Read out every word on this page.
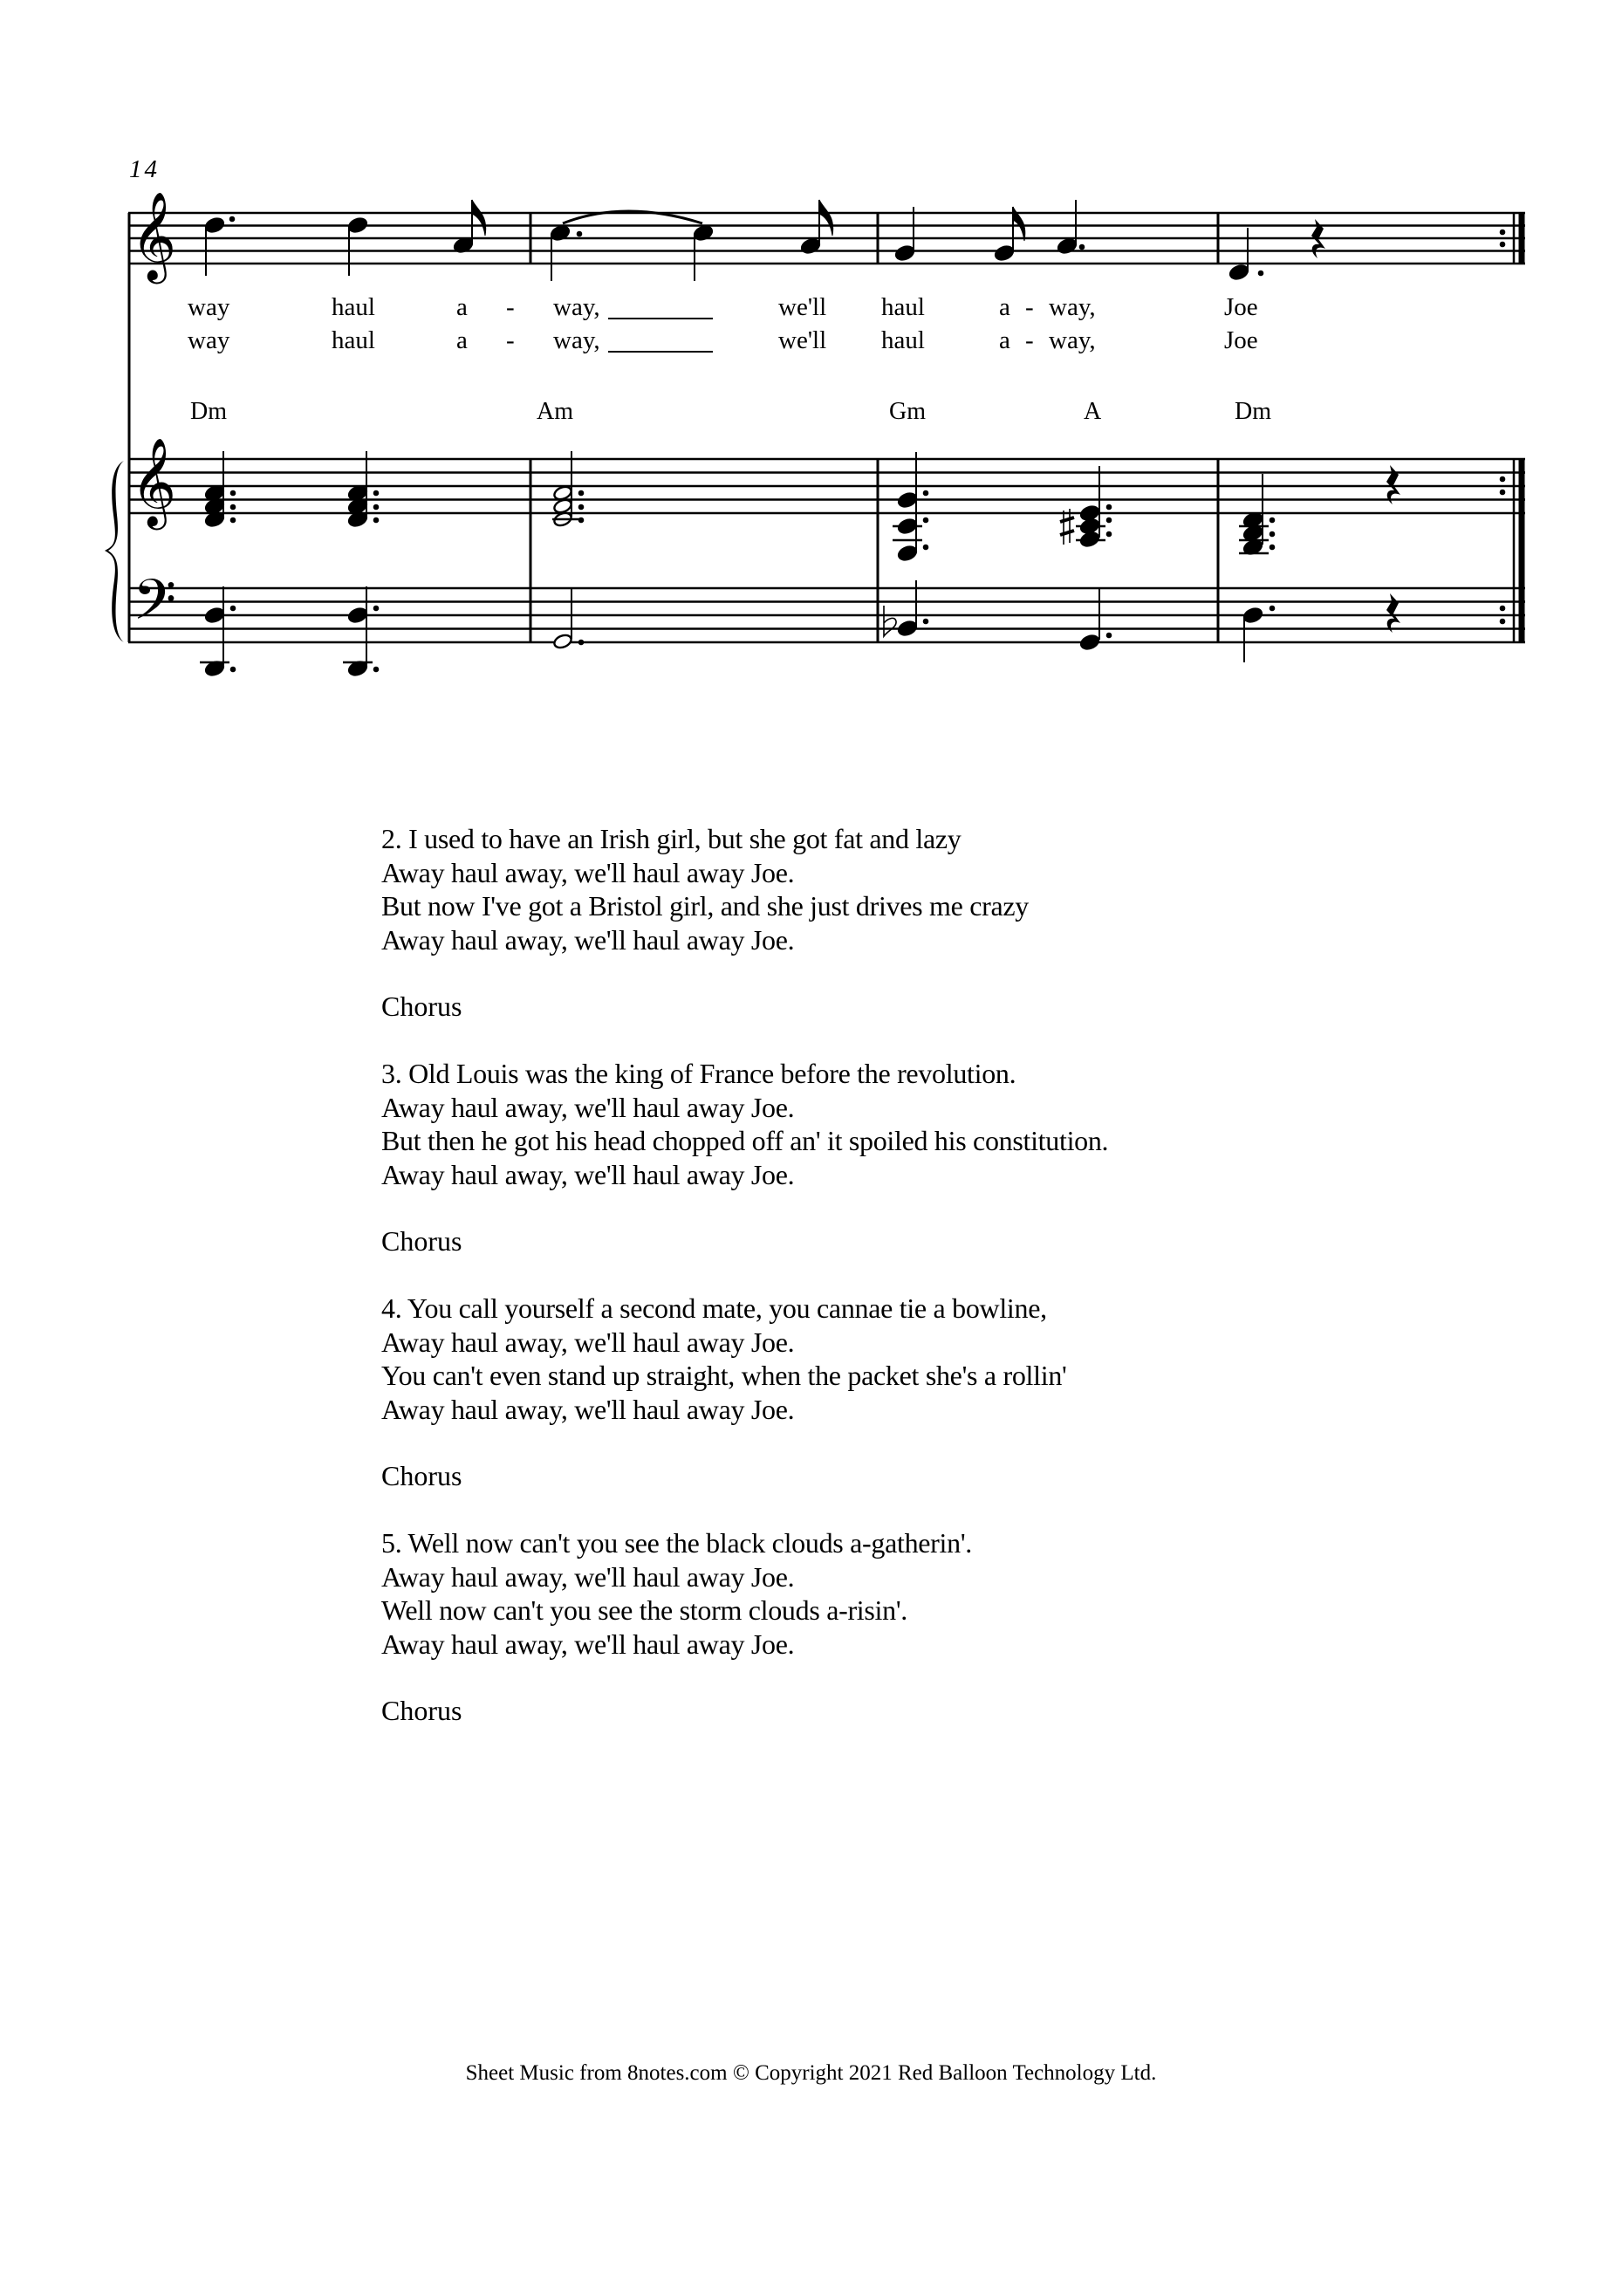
𝄞
𝄞
𝄢
14
way	haul	a - way,	we'll haul	a - way,	Joe
way	haul	a - way,	we'll haul	a - way,	Joe
Dm	Am	Gm	A	Dm
2. I used to have an Irish girl, but she got fat and lazy
Away haul away, we'll haul away Joe.
But now I've got a Bristol girl, and she just drives me crazy
Away haul away, we'll haul away Joe.
Chorus
3. Old Louis was the king of France before the revolution.
Away haul away, we'll haul away Joe.
But then he got his head chopped off an' it spoiled his constitution.
Away haul away, we'll haul away Joe.
Chorus
4. You call yourself a second mate, you cannae tie a bowline,
Away haul away, we'll haul away Joe.
You can't even stand up straight, when the packet she's a rollin'
Away haul away, we'll haul away Joe.
Chorus
5. Well now can't you see the black clouds a-gatherin'.
Away haul away, we'll haul away Joe.
Well now can't you see the storm clouds a-risin'.
Away haul away, we'll haul away Joe.
Chorus
Sheet Music from 8notes.com © Copyright 2021 Red Balloon Technology Ltd.
